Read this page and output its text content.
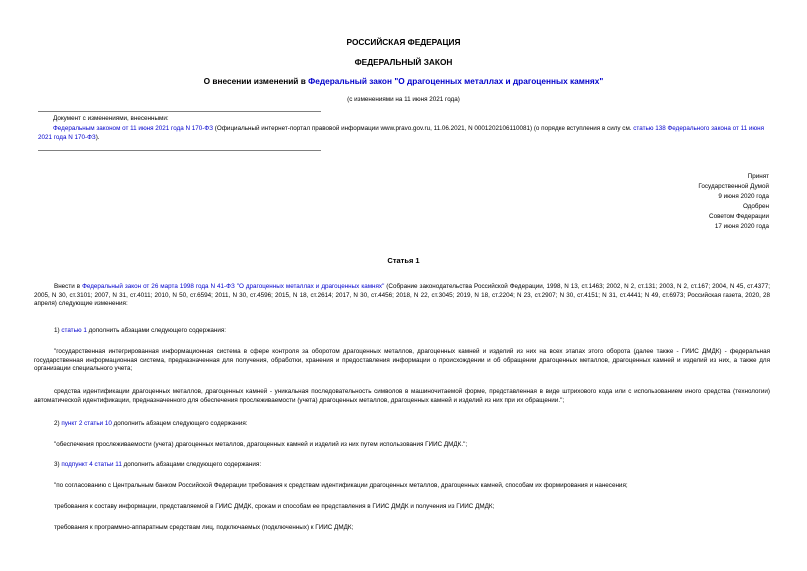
РОССИЙСКАЯ ФЕДЕРАЦИЯ
ФЕДЕРАЛЬНЫЙ ЗАКОН
О внесении изменений в Федеральный закон "О драгоценных металлах и драгоценных камнях"
(с изменениями на 11 июня 2021 года)
Документ с изменениями, внесенными:
Федеральным законом от 11 июня 2021 года N 170-ФЗ (Официальный интернет-портал правовой информации www.pravo.gov.ru, 11.06.2021, N 0001202106110081) (о порядке вступления в силу см. статью 138 Федерального закона от 11 июня 2021 года N 170-ФЗ).
Принят
Государственной Думой
9 июня 2020 года
Одобрен
Советом Федерации
17 июня 2020 года
Статья 1
Внести в Федеральный закон от 26 марта 1998 года N 41-ФЗ "О драгоценных металлах и драгоценных камнях" (Собрание законодательства Российской Федерации, 1998, N 13, ст.1463; 2002, N 2, ст.131; 2003, N 2, ст.167; 2004, N 45, ст.4377; 2005, N 30, ст.3101; 2007, N 31, ст.4011; 2010, N 50, ст.6594; 2011, N 30, ст.4596; 2015, N 18, ст.2614; 2017, N 30, ст.4456; 2018, N 22, ст.3045; 2019, N 18, ст.2204; N 23, ст.2907; N 30, ст.4151; N 31, ст.4441; N 49, ст.6973; Российская газета, 2020, 28 апреля) следующие изменения:
1) статью 1 дополнить абзацами следующего содержания:
"государственная интегрированная информационная система в сфере контроля за оборотом драгоценных металлов, драгоценных камней и изделий из них на всех этапах этого оборота (далее также - ГИИС ДМДК) - федеральная государственная информационная система, предназначенная для получения, обработки, хранения и предоставления информации о происхождении и об обращении драгоценных металлов, драгоценных камней и изделий из них, а также для организации специального учета;
средства идентификации драгоценных металлов, драгоценных камней - уникальная последовательность символов в машиночитаемой форме, представленная в виде штрихового кода или с использованием иного средства (технологии) автоматической идентификации, предназначенного для обеспечения прослеживаемости (учета) драгоценных металлов, драгоценных камней и изделий из них при их обращении.";
2) пункт 2 статьи 10 дополнить абзацем следующего содержания:
"обеспечения прослеживаемости (учета) драгоценных металлов, драгоценных камней и изделий из них путем использования ГИИС ДМДК.";
3) подпункт 4 статьи 11 дополнить абзацами следующего содержания:
"по согласованию с Центральным банком Российской Федерации требования к средствам идентификации драгоценных металлов, драгоценных камней, способам их формирования и нанесения;
требования к составу информации, представляемой в ГИИС ДМДК, срокам и способам ее представления в ГИИС ДМДК и получения из ГИИС ДМДК;
требования к программно-аппаратным средствам лиц, подключаемых (подключенных) к ГИИС ДМДК;
